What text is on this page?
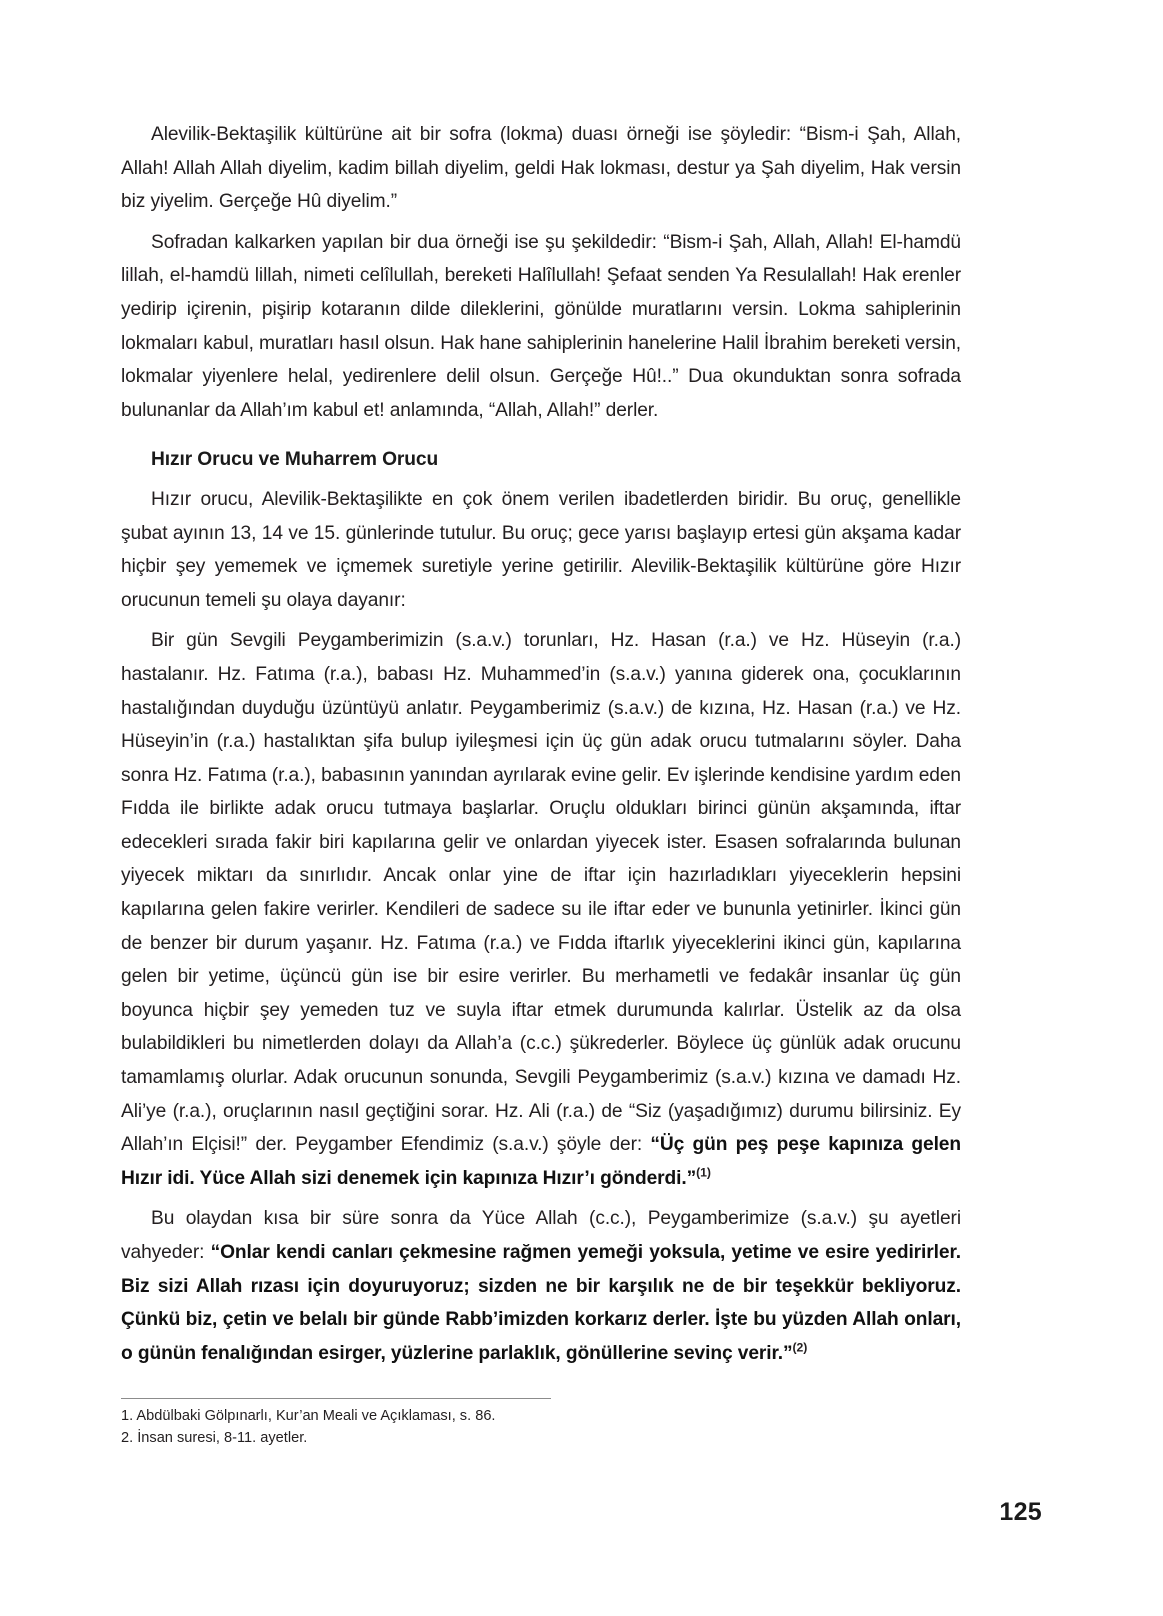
Alevilik-Bektaşilik kültürüne ait bir sofra (lokma) duası örneği ise şöyledir: “Bism-i Şah, Allah, Allah! Allah Allah diyelim, kadim billah diyelim, geldi Hak lokması, destur ya Şah diyelim, Hak versin biz yiyelim. Gerçeğe Hû diyelim.”

Sofradan kalkarken yapılan bir dua örneği ise şu şekildedir: “Bism-i Şah, Allah, Allah! El-hamdü lillah, el-hamdü lillah, nimeti celîlullah, bereketi Halîlullah! Şefaat senden Ya Resulallah! Hak erenler yedirip içirenin, pişirip kotaranın dilde dileklerini, gönülde muratlarını versin. Lokma sahiplerinin lokmaları kabul, muratları hasıl olsun. Hak hane sahiplerinin hanelerine Halil İbrahim bereketi versin, lokmalar yiyenlere helal, yedirenlere delil olsun. Gerçeğe Hû!..” Dua okunduktan sonra sofrada bulunanlar da Allah’ım kabul et! anlamında, “Allah, Allah!” derler.

Hızır Orucu ve Muharrem Orucu

Hızır orucu, Alevilik-Bektaşilikte en çok önem verilen ibadetlerden biridir. Bu oruç, genellikle şubat ayının 13, 14 ve 15. günlerinde tutulur. Bu oruç; gece yarısı başlayıp ertesi gün akşama kadar hiçbir şey yememek ve içmemek suretiyle yerine getirilir. Alevilik-Bektaşilik kültürüne göre Hızır orucunun temeli şu olaya dayanır:

Bir gün Sevgili Peygamberimizin (s.a.v.) torunları, Hz. Hasan (r.a.) ve Hz. Hüseyin (r.a.) hastalanır. Hz. Fatıma (r.a.), babası Hz. Muhammed’in (s.a.v.) yanına giderek ona, çocuklarının hastalığından duyduğu üzüntüyü anlatır. Peygamberimiz (s.a.v.) de kızına, Hz. Hasan (r.a.) ve Hz. Hüseyin’in (r.a.) hastalıktan şifa bulup iyileşmesi için üç gün adak orucu tutmalarını söyler. Daha sonra Hz. Fatıma (r.a.), babasının yanından ayrılarak evine gelir. Ev işlerinde kendisine yardım eden Fıdda ile birlikte adak orucu tutmaya başlarlar. Oruçlu oldukları birinci günün akşamında, iftar edecekleri sırada fakir biri kapılarına gelir ve onlardan yiyecek ister. Esasen sofralarında bulunan yiyecek miktarı da sınırlıdır. Ancak onlar yine de iftar için hazırladıkları yiyeceklerin hepsini kapılarına gelen fakire verirler. Kendileri de sadece su ile iftar eder ve bununla yetinirler. İkinci gün de benzer bir durum yaşanır. Hz. Fatıma (r.a.) ve Fıdda iftarlık yiyeceklerini ikinci gün, kapılarına gelen bir yetime, üçüncü gün ise bir esire verirler. Bu merhametli ve fedakâr insanlar üç gün boyunca hiçbir şey yemeden tuz ve suyla iftar etmek durumunda kalırlar. Üstelik az da olsa bulabildikleri bu nimetlerden dolayı da Allah’a (c.c.) şükrederler. Böylece üç günlük adak orucunu tamamlamış olurlar. Adak orucunun sonunda, Sevgili Peygamberimiz (s.a.v.) kızına ve damadı Hz. Ali’ye (r.a.), oruçlarının nasıl geçtiğini sorar. Hz. Ali (r.a.) de “Siz (yaşadığımız) durumu bilirsiniz. Ey Allah’ın Elçisi!” der. Peygamber Efendimiz (s.a.v.) şöyle der: “Üç gün peş peşe kapınıza gelen Hızır idi. Yüce Allah sizi denemek için kapınıza Hızır’ı gönderdi.”$^{(1)}$

Bu olaydan kısa bir süre sonra da Yüce Allah (c.c.), Peygamberimize (s.a.v.) şu ayetleri vahyeder: “Onlar kendi canları çekmesine rağmen yemeği yoksula, yetime ve esire yedirirler. Biz sizi Allah rızası için doyuruyoruz; sizden ne bir karşılık ne de bir teşekkür bekliyoruz. Çünkü biz, çetin ve belalı bir günde Rabb’imizden korkarız derler. İşte bu yüzden Allah onları, o günün fenalığından esirger, yüzlerine parlaklık, gönüllerine sevinç verir.”$^{(2)}$

1. Abdülbaki Gölpınarlı, Kur’an Meali ve Açıklaması, s. 86.

2. İnsan suresi, 8-11. ayetler.

125
